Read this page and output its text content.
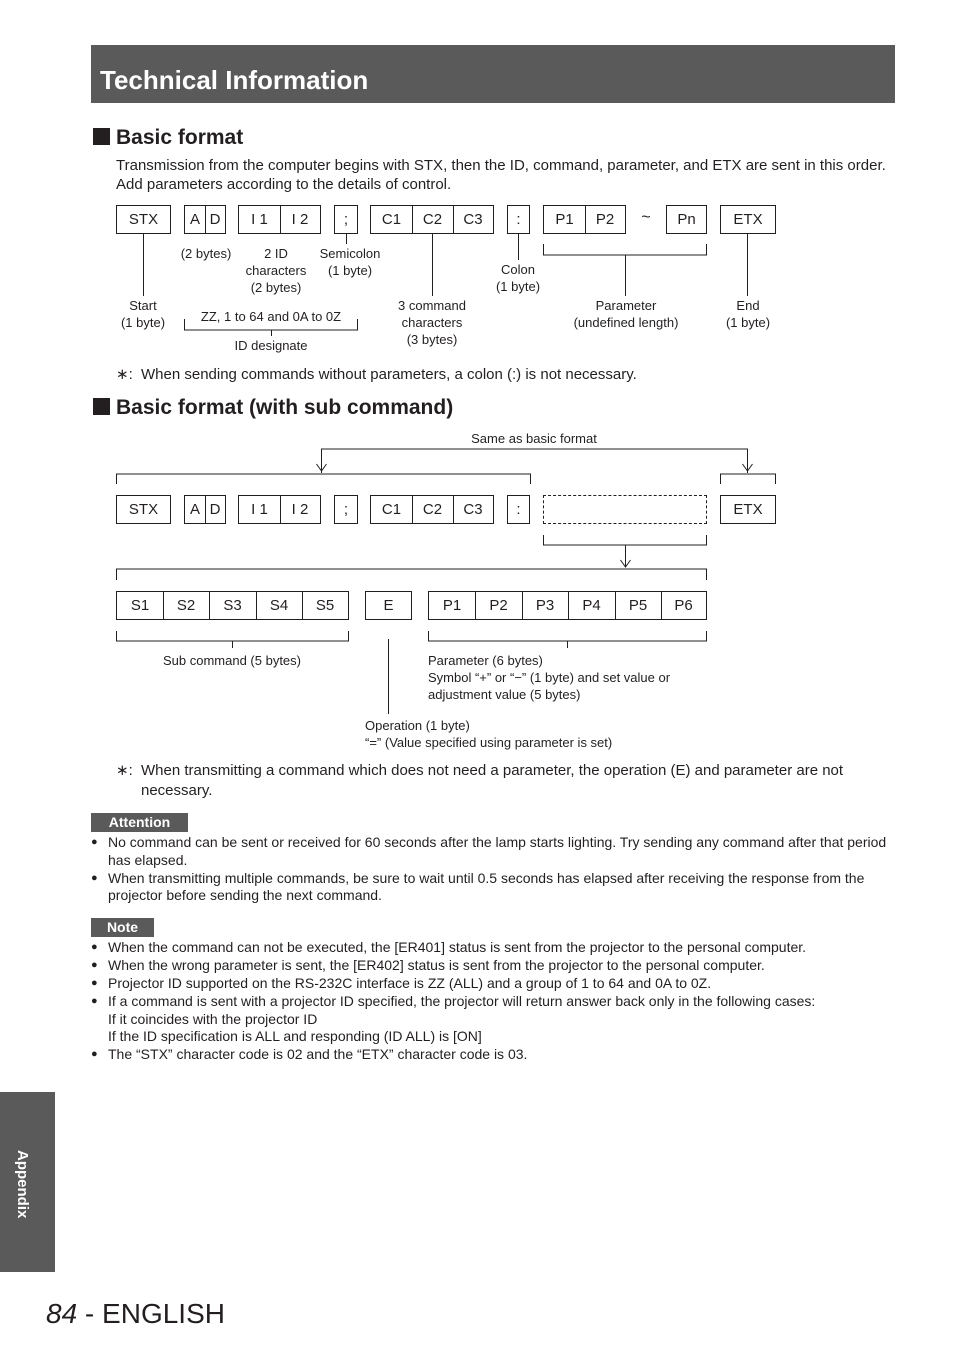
Technical Information
Basic format
Transmission from the computer begins with STX, then the ID, command, parameter, and ETX are sent in this order. Add parameters according to the details of control.
STX	A D	I 1	I 2	;	C1	C2	C3	:	P1	P2	~	Pn	ETX
(2 bytes)	2 ID
characters
(2 bytes)
Semicolon
(1 byte)	Colon
(1 byte)
Start
(1 byte)	ZZ, 1 to 64 and 0A to 0Z
ID designate
3 command
characters
(3 bytes)
Parameter
(undefined length)
End
(1 byte)
∗: When sending commands without parameters, a colon (:) is not necessary.
Basic format (with sub command)
Same as basic format
STX	A D	I 1	I 2	;	C1	C2	C3	:	ETX
S1	S2	S3	S4	S5	E	P1	P2	P3	P4	P5	P6
Sub command (5 bytes)	Parameter (6 bytes)
Symbol “+” or “−” (1 byte) and set value or
adjustment value (5 bytes)
Operation (1 byte)
“=” (Value specified using parameter is set)
∗: When transmitting a command which does not need a parameter, the operation (E) and parameter are not necessary.
Attention
● No command can be sent or received for 60 seconds after the lamp starts lighting. Try sending any command after that period has elapsed.
● When transmitting multiple commands, be sure to wait until 0.5 seconds has elapsed after receiving the response from the projector before sending the next command.
Note
● When the command can not be executed, the [ER401] status is sent from the projector to the personal computer.
● When the wrong parameter is sent, the [ER402] status is sent from the projector to the personal computer.
● Projector ID supported on the RS-232C interface is ZZ (ALL) and a group of 1 to 64 and 0A to 0Z.
● If a command is sent with a projector ID specified, the projector will return answer back only in the following cases:
If it coincides with the projector ID
If the ID specification is ALL and responding (ID ALL) is [ON]
● The “STX” character code is 02 and the “ETX” character code is 03.
Appendix
84 - ENGLISH
